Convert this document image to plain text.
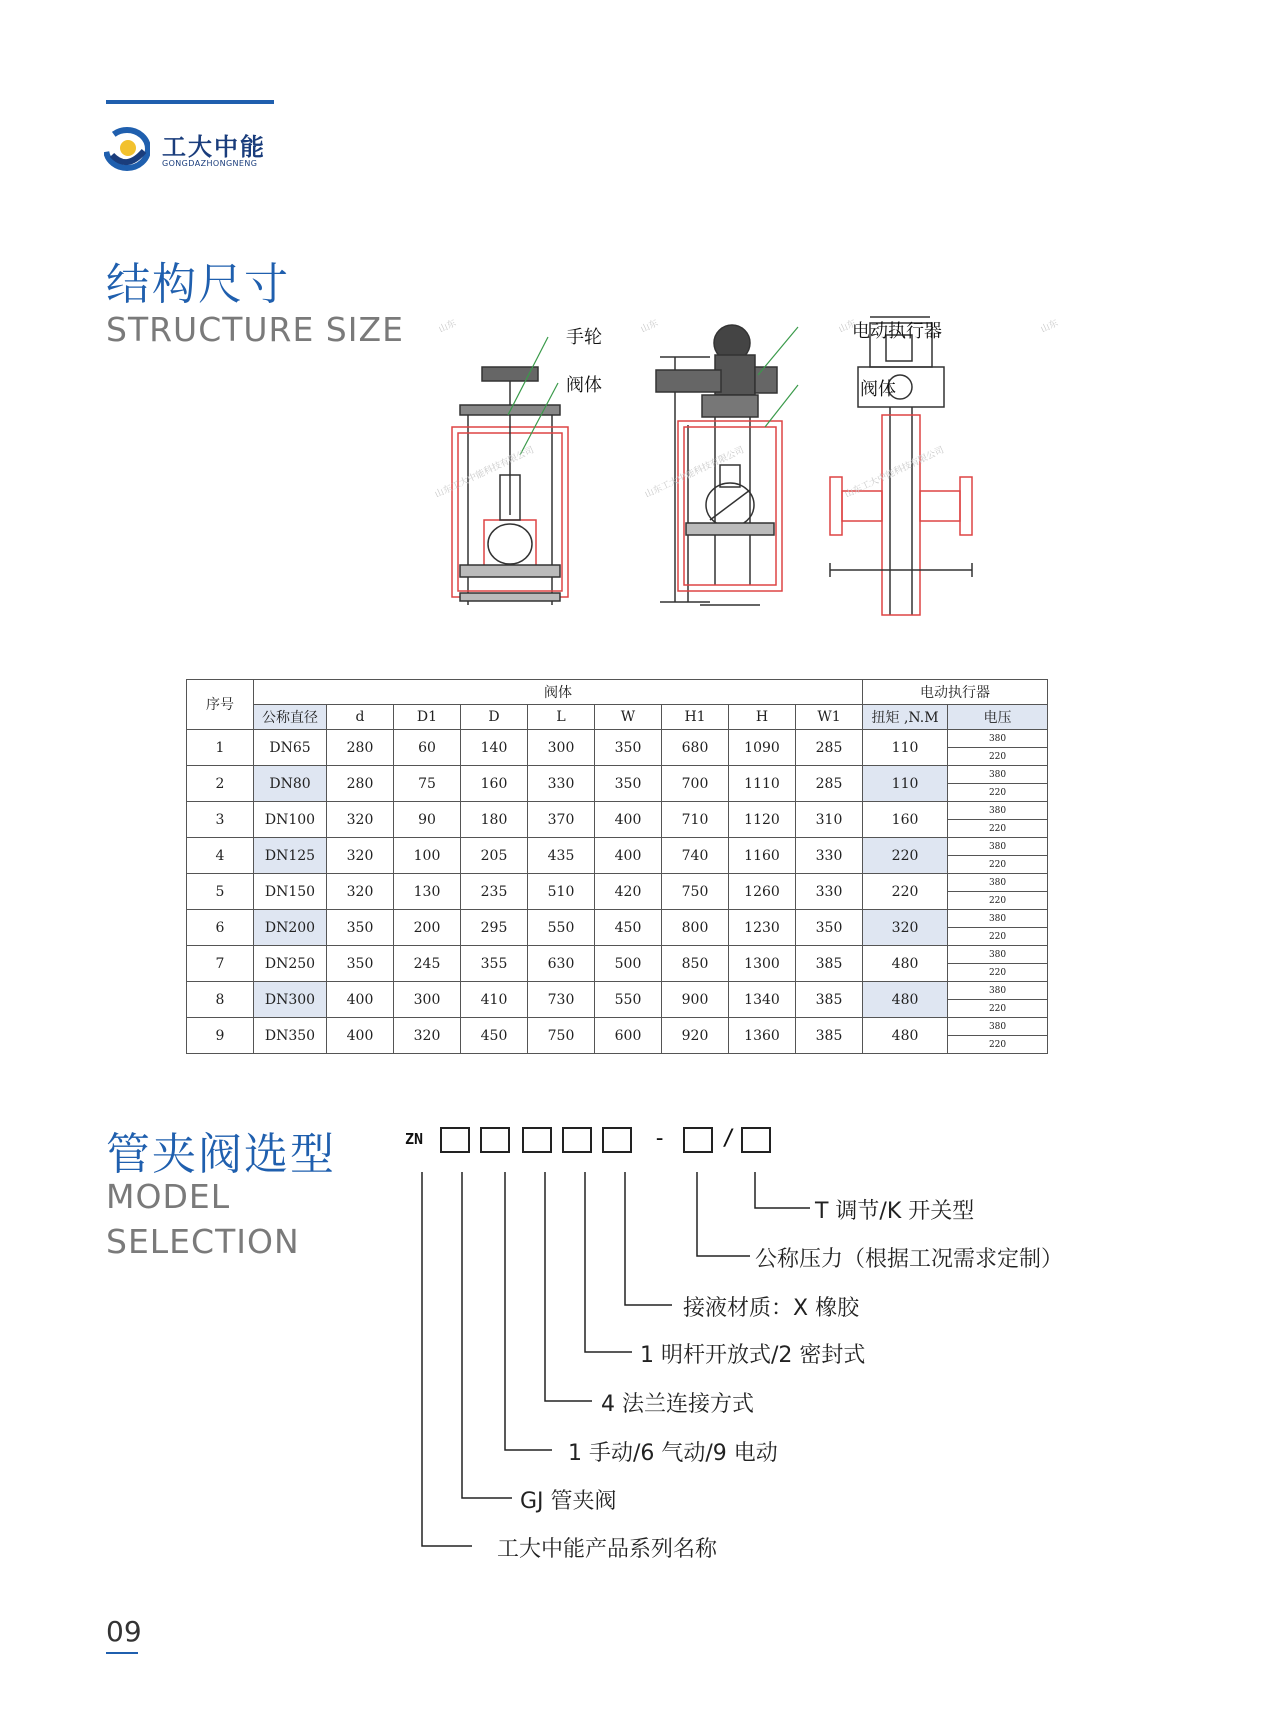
工大中能
GONGDAZHONGNENG
结构尺寸
STRUCTURE SIZE	手轮
阀体
电动执行器
阀体
山东	山东	山东	山东
山东工大中能科技有限公司	山东工大中能科技有限公司	山东工大中能科技有限公司
序号	阀体									电动执行器	
	公称直径	d	D1	D	L	W	H1	H	W1	扭矩 ,N.M	电压
1	DN65	280	60	140	300	350	680	1090	285	110	380
											220
2	DN80	280	75	160	330	350	700	1110	285	110	380
											220
3	DN100	320	90	180	370	400	710	1120	310	160	380
											220
4	DN125	320	100	205	435	400	740	1160	330	220	380
											220
5	DN150	320	130	235	510	420	750	1260	330	220	380
											220
6	DN200	350	200	295	550	450	800	1230	350	320	380
											220
7	DN250	350	245	355	630	500	850	1300	385	480	380
											220
8	DN300	400	300	410	730	550	900	1340	385	480	380
											220
9	DN350	400	320	450	750	600	920	1360	385	480	380
											220
管夹阀选型
MODEL
SELECTION
ZN	-	/
T 调节/K 开关型
公称压力（根据工况需求定制）
接液材质：X 橡胶
1 明杆开放式/2 密封式
4 法兰连接方式
1 手动/6 气动/9 电动
GJ 管夹阀
工大中能产品系列名称
09
